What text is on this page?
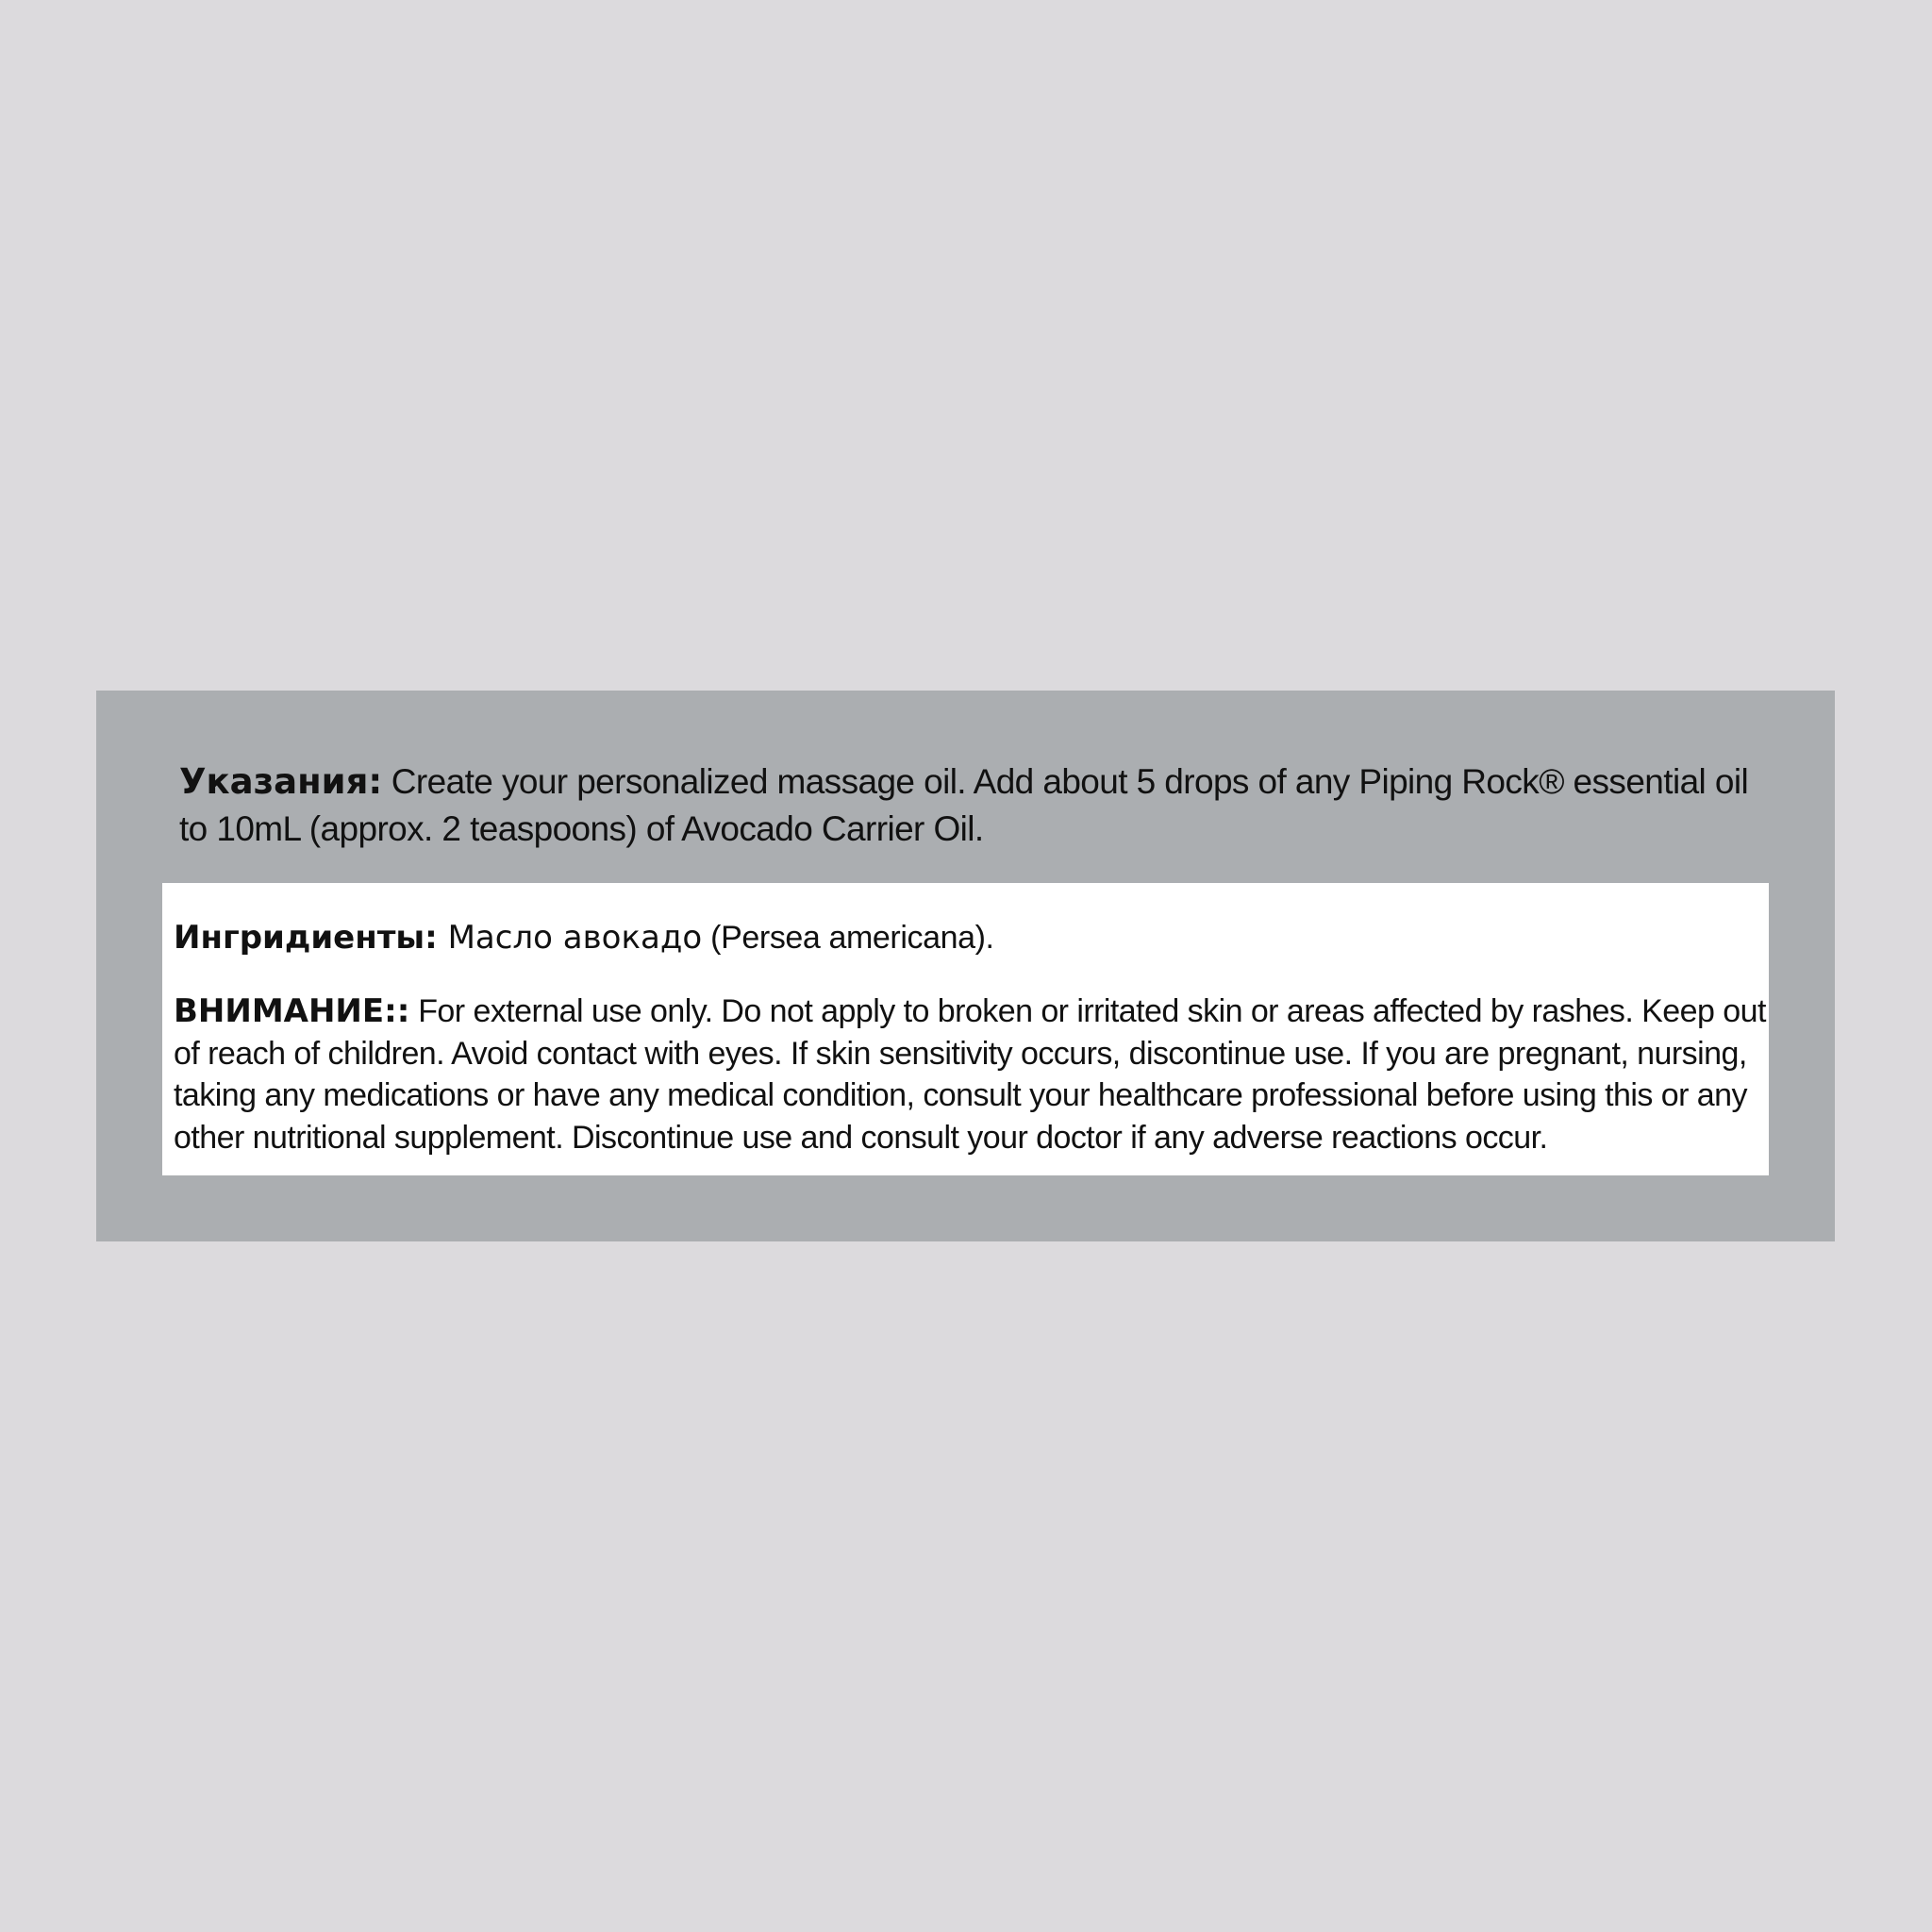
Указания: Create your personalized massage oil. Add about 5 drops of any Piping Rock® essential oil to 10mL (approx. 2 teaspoons) of Avocado Carrier Oil.

Ингридиенты: Масло авокадо (Persea americana).

ВНИМАНИЕ:: For external use only. Do not apply to broken or irritated skin or areas affected by rashes. Keep out of reach of children. Avoid contact with eyes. If skin sensitivity occurs, discontinue use. If you are pregnant, nursing, taking any medications or have any medical condition, consult your healthcare professional before using this or any other nutritional supplement. Discontinue use and consult your doctor if any adverse reactions occur.
